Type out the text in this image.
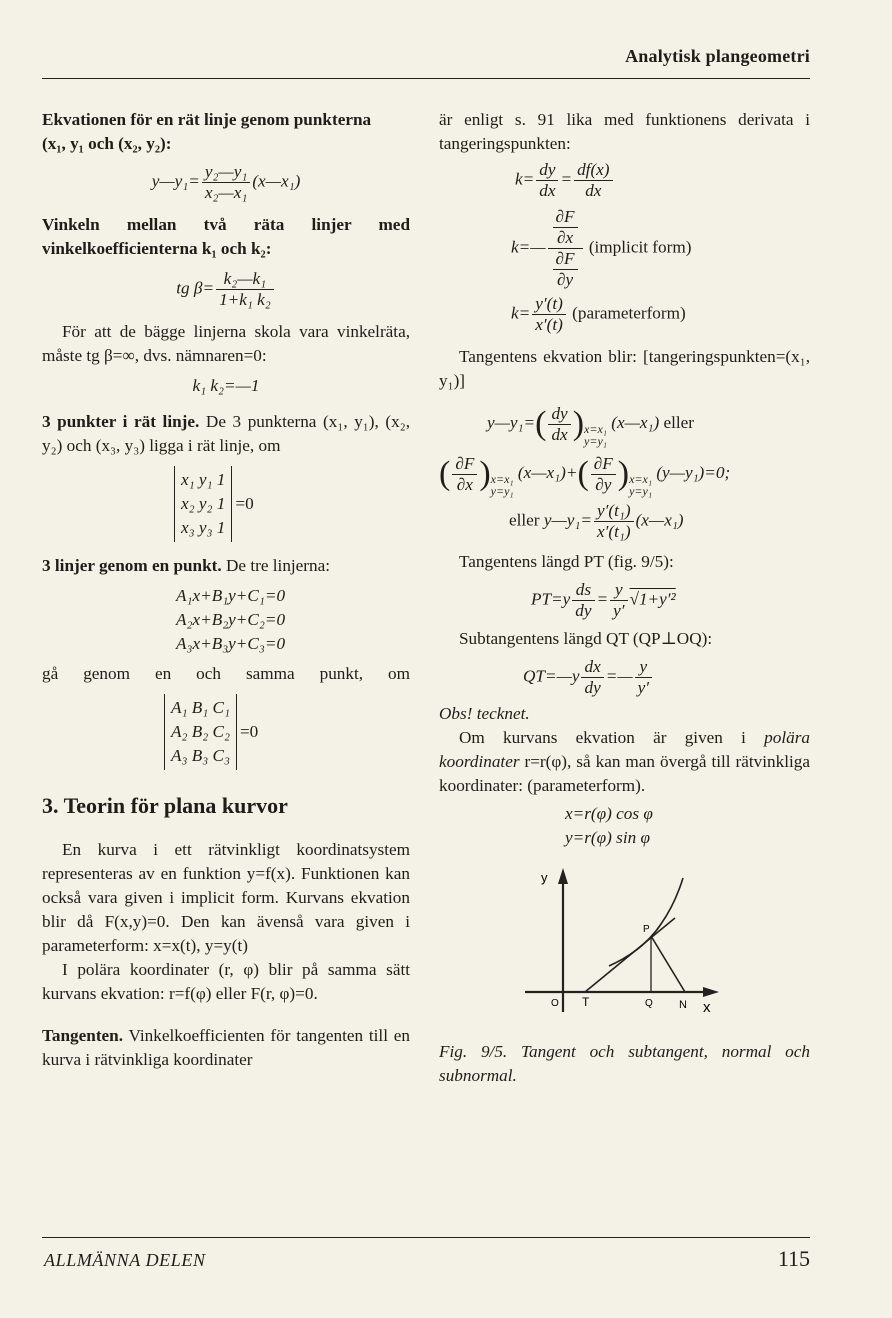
Analytisk plangeometri

Ekvationen för en rät linje genom punkterna

(x₁, y₁ och (x₂, y₂):

y—y₁= $\frac{\text{y₂—y₁}}{\text{x₂—x₁}}$ (x—x₁)

Vinkeln mellan två räta linjer med vinkelkoefficienterna k₁ och k₂:

tg $\beta= \frac{\text{k₂—k₁}}{\text{1+k₁ k₂}}$

För att de bägge linjerna skola vara vinkelräta, måste tg β=∞, dvs. nämnaren=0:

k₁ k₂=—1

3 punkter i rät linje. De 3 punkterna (x₁, y₁), (x₂, y₂) och (x₃, y₃) ligga i rät linje, om

x₁ y₁ 1
x₂ y₂ 1
x₃ y₃ 1
=0

3 linjer genom en punkt. De tre linjerna:

A₁x+B₁y+C₁=0
A₂x+B₂y+C₂=0
A₃x+B₃y+C₃=0

gå genom en och samma punkt, om

A₁ B₁ C₁
A₂ B₂ C₂
A₃ B₃ C₃
=0

3. Teorin för plana kurvor

En kurva i ett rätvinkligt koordinatsystem representeras av en funktion y=f(x). Funktionen kan också vara given i implicit form. Kurvans ekvation blir då F(x,y)=0. Den kan ävenså vara given i parameterform: x=x(t), y=y(t)

I polära koordinater (r, φ) blir på samma sätt kurvans ekvation: r=f(φ) eller F(r, φ)=0.

Tangenten. Vinkelkoefficienten för tangenten till en kurva i rätvinkliga koordinater

är enligt s. 91 lika med funktionens derivata i tangeringspunkten:

$k= \frac{dy}{dx} = \frac{df(x)}{dx}$
k=— $\frac{\frac{\partial F}{\partial x}}{\frac{\partial F}{\partial y}}$ (implicit form)
$k= \frac{y'(t)}{x'(t)}$ (parameterform)

Tangentens ekvation blir: [tangeringspunkten=(x₁, y₁)]

y—y₁=( $\frac{dy}{dx}$ ) x=x₁
y=y₁
(x—x₁) eller
( $\frac{\partial F}{\partial x}$ ) x=x₁
y=y₁
(x—x₁)+( $\frac{\partial F}{\partial y}$ ) x=x₁
y=y₁
(y—y₁)=0;
eller y—y₁= $\frac{\text{y′(t₁)}}{\text{x′(t₁)}}$ (x—x₁)

Tangentens längd PT (fig. 9/5):

$PT=y \frac{ds}{dy} = \frac{y}{y'} √1+y'^2$

Subtangentens längd QT (QP⊥OQ):

QT=—y $\frac{dx}{dy}$ =— $\frac{y}{y'}$

Obs! tecknet.

Om kurvans ekvation är given i polära koordinater r=r(φ), så kan man övergå till rätvinkliga koordinater: (parameterform).

x=r(φ) cos φ
y=r(φ) sin φ
y
x
O T	Q N
P

Fig. 9/5. Tangent och subtangent, normal och subnormal.

ALLMÄNNA DELEN	115
